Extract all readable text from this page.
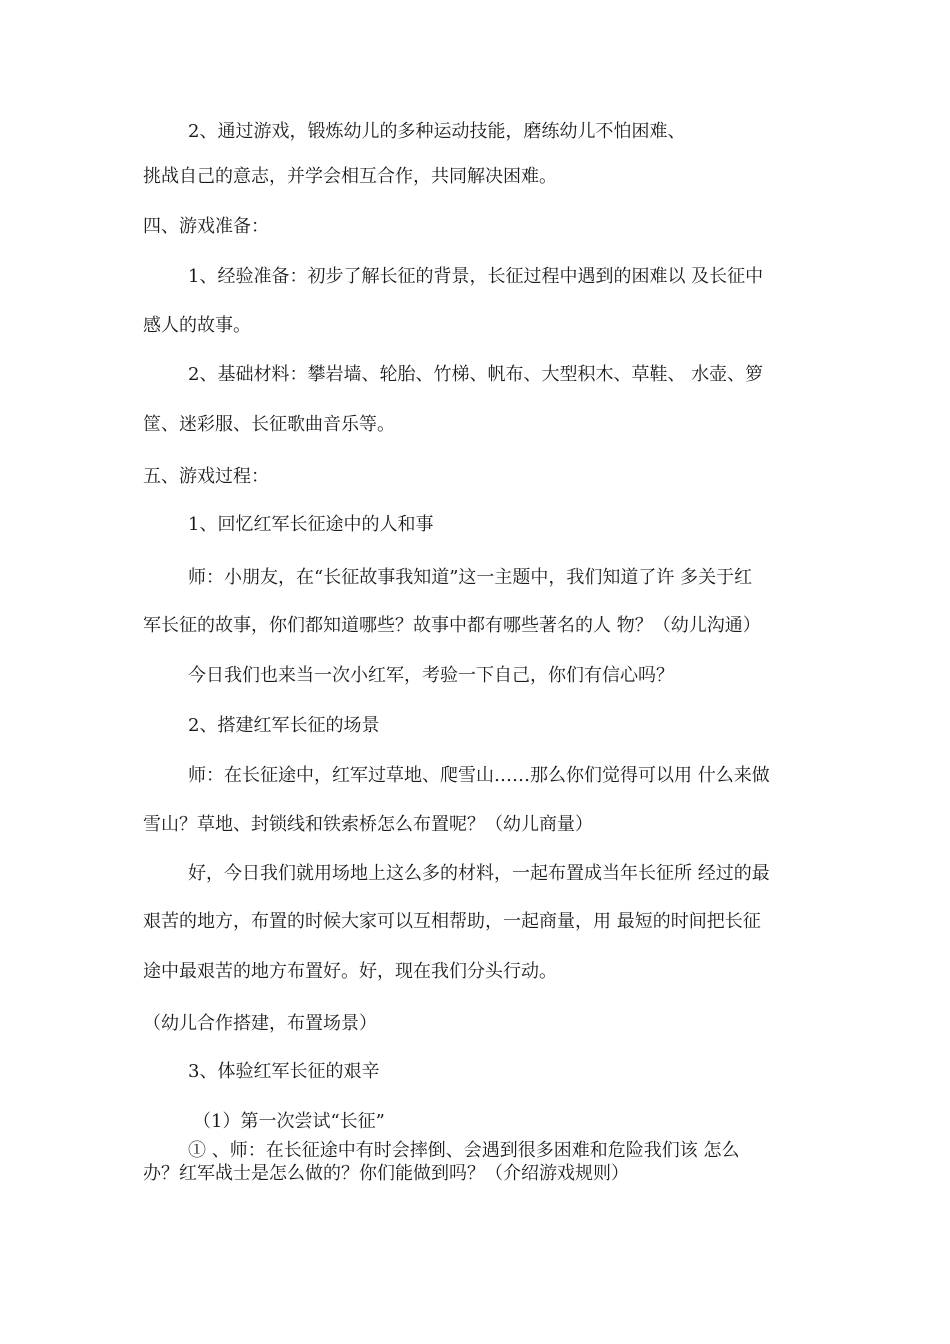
2、通过游戏，锻炼幼儿的多种运动技能，磨练幼儿不怕困难、
挑战自己的意志，并学会相互合作，共同解决困难。
四、游戏准备：
1、经验准备：初步了解长征的背景，长征过程中遇到的困难以 及长征中
感人的故事。
2、基础材料：攀岩墙、轮胎、竹梯、帆布、大型积木、草鞋、 水壶、箩
筐、迷彩服、长征歌曲音乐等。
五、游戏过程：
1、回忆红军长征途中的人和事
师：小朋友，在“长征故事我知道”这一主题中，我们知道了许 多关于红
军长征的故事，你们都知道哪些？故事中都有哪些著名的人 物？（幼儿沟通）
今日我们也来当一次小红军，考验一下自己，你们有信心吗？
2、搭建红军长征的场景
师：在长征途中，红军过草地、爬雪山……那么你们觉得可以用 什么来做
雪山？草地、封锁线和铁索桥怎么布置呢？（幼儿商量）
好，今日我们就用场地上这么多的材料，一起布置成当年长征所 经过的最
艰苦的地方，布置的时候大家可以互相帮助，一起商量，用 最短的时间把长征
途中最艰苦的地方布置好。好，现在我们分头行动。
（幼儿合作搭建，布置场景）
3、体验红军长征的艰辛
（1）第一次尝试“长征”
① 、师：在长征途中有时会摔倒、会遇到很多困难和危险我们该 怎么
办？红军战士是怎么做的？你们能做到吗？（介绍游戏规则）
